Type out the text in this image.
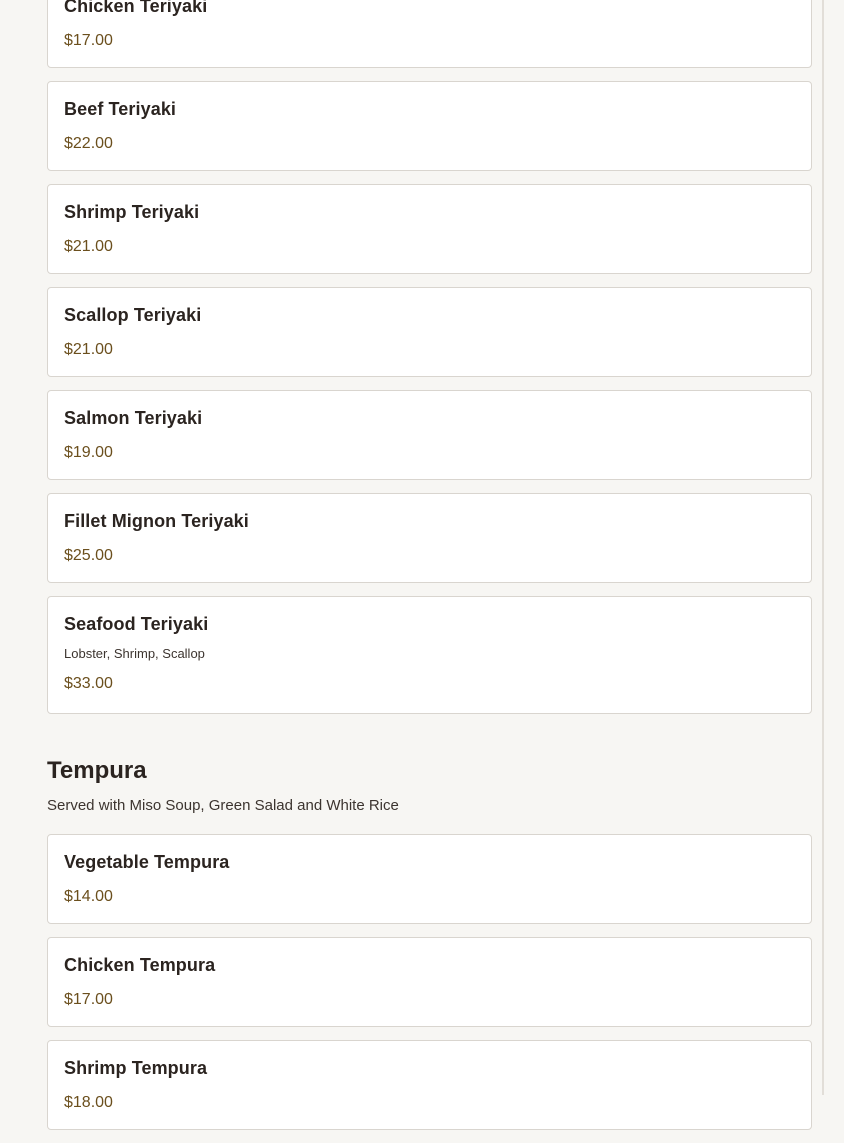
Chicken Teriyaki
$17.00
Beef Teriyaki
$22.00
Shrimp Teriyaki
$21.00
Scallop Teriyaki
$21.00
Salmon Teriyaki
$19.00
Fillet Mignon Teriyaki
$25.00
Seafood Teriyaki
Lobster, Shrimp, Scallop
$33.00
Tempura
Served with Miso Soup, Green Salad and White Rice
Vegetable Tempura
$14.00
Chicken Tempura
$17.00
Shrimp Tempura
$18.00
